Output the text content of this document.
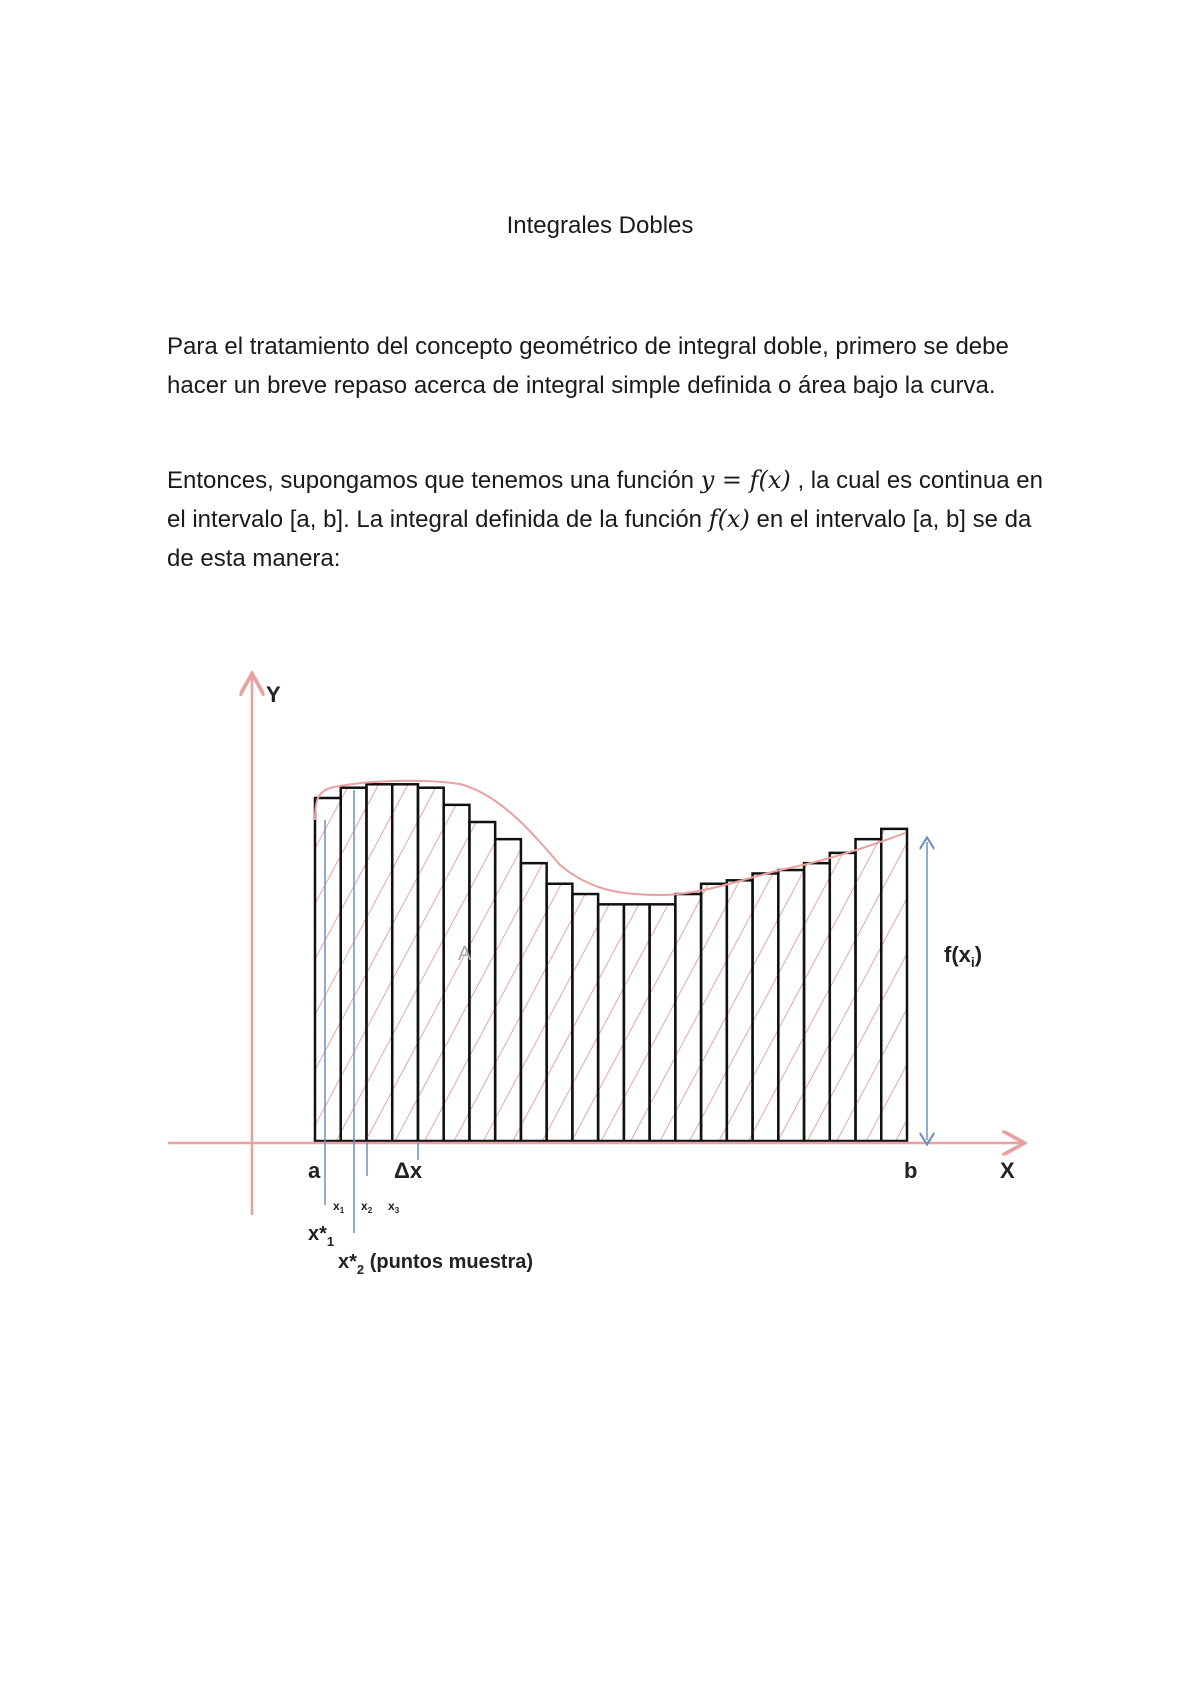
Integrales Dobles
Para el tratamiento del concepto geométrico de integral doble, primero se debe hacer un breve repaso acerca de integral simple definida o área bajo la curva.
Entonces, supongamos que tenemos una función y = f(x) , la cual es continua en el intervalo [a, b]. La integral definida de la función f(x) en el intervalo [a, b] se da de esta manera:
Y
X
a	b
Δx
A	$f(x_i)$
$x_1$ $x_2$ $x_3$
$x*_1$
$x*_2$ (puntos muestra)
